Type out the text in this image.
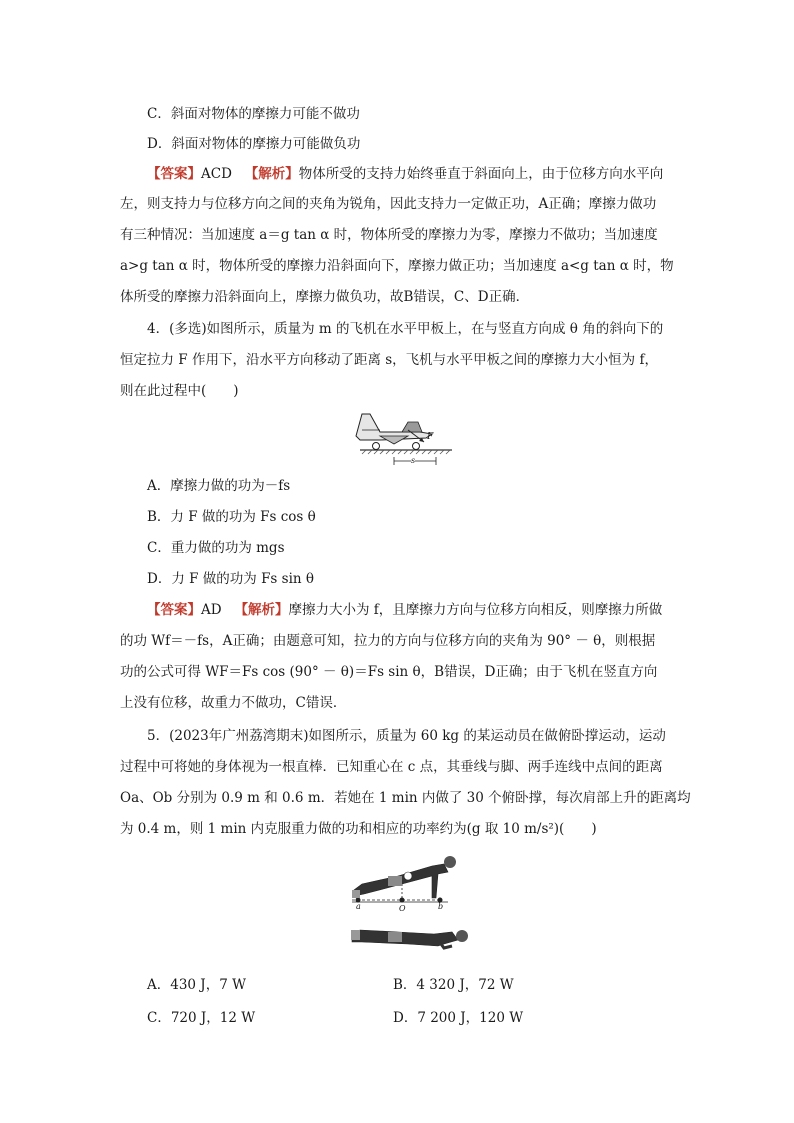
C．斜面对物体的摩擦力可能不做功
D．斜面对物体的摩擦力可能做负功
【答案】ACD 【解析】物体所受的支持力始终垂直于斜面向上，由于位移方向水平向
左，则支持力与位移方向之间的夹角为锐角，因此支持力一定做正功，A正确；摩擦力做功
有三种情况：当加速度 a＝g tan α 时，物体所受的摩擦力为零，摩擦力不做功；当加速度
a>g tan α 时，物体所受的摩擦力沿斜面向下，摩擦力做正功；当加速度 a<g tan α 时，物
体所受的摩擦力沿斜面向上，摩擦力做负功，故B错误，C、D正确．
4．(多选)如图所示，质量为 m 的飞机在水平甲板上，在与竖直方向成 θ 角的斜向下的
恒定拉力 F 作用下，沿水平方向移动了距离 s，飞机与水平甲板之间的摩擦力大小恒为 f，
则在此过程中(　　)
F
s
A．摩擦力做的功为－fs
B．力 F 做的功为 Fs cos θ
C．重力做的功为 mgs
D．力 F 做的功为 Fs sin θ
【答案】AD 【解析】摩擦力大小为 f，且摩擦力方向与位移方向相反，则摩擦力所做
的功 Wf＝－fs，A正确；由题意可知，拉力的方向与位移方向的夹角为 90° － θ，则根据
功的公式可得 WF＝Fs cos (90° － θ)＝Fs sin θ，B错误，D正确；由于飞机在竖直方向
上没有位移，故重力不做功，C错误．
5．(2023年广州荔湾期末)如图所示，质量为 60 kg 的某运动员在做俯卧撑运动，运动
过程中可将她的身体视为一根直棒．已知重心在 c 点，其垂线与脚、两手连线中点间的距离
Oa、Ob 分别为 0.9 m 和 0.6 m．若她在 1 min 内做了 30 个俯卧撑，每次肩部上升的距离均
为 0.4 m，则 1 min 内克服重力做的功和相应的功率约为(g 取 10 m/s²)(　　)
a	O	b
A．430 J，7 W	B．4 320 J，72 W
C．720 J，12 W	D．7 200 J，120 W
